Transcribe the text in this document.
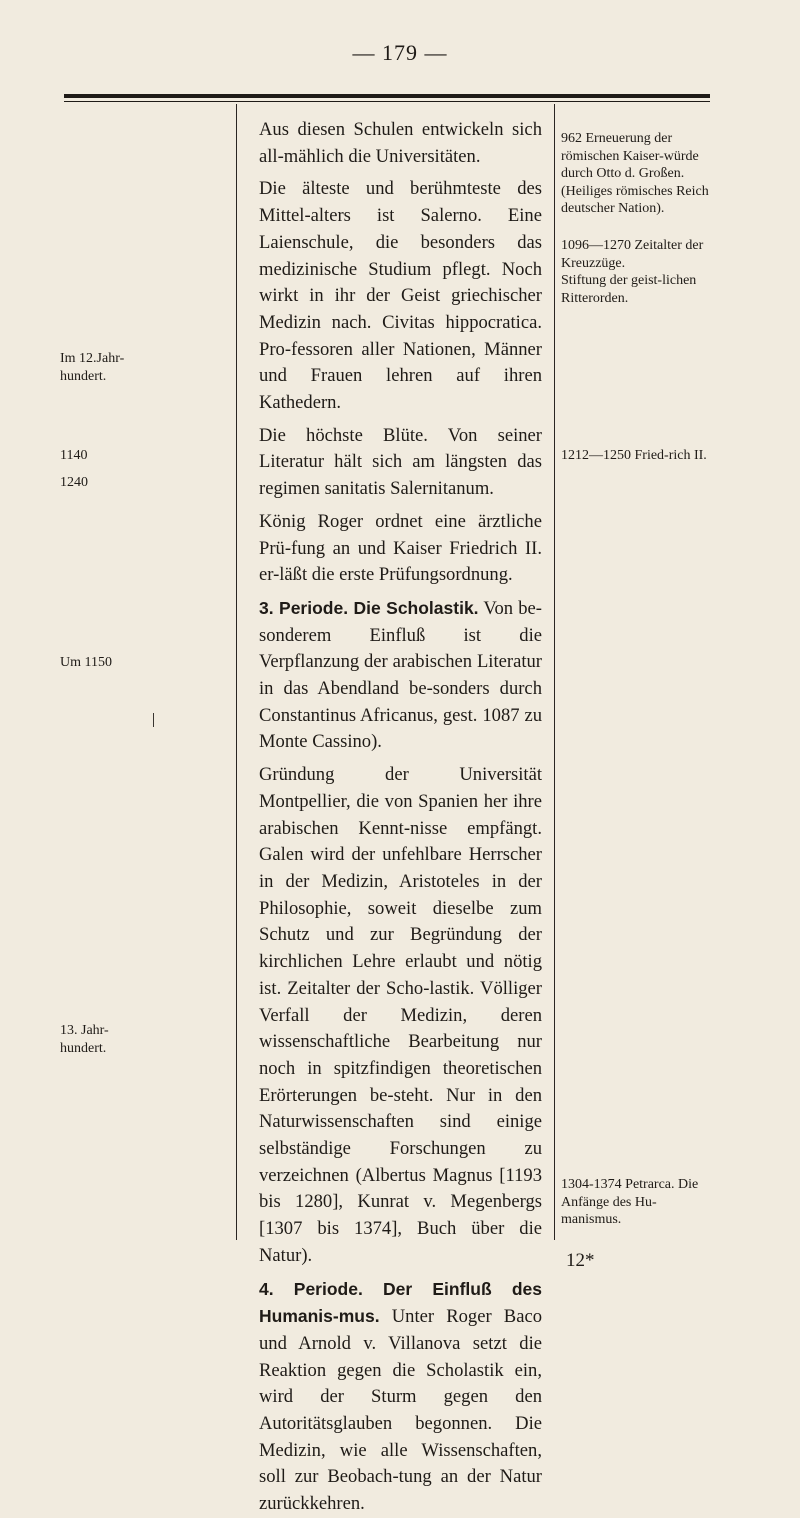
— 179 —
Im 12.Jahr-hundert.
1140
1240
Um 1150
13. Jahr-hundert.

Aus diesen Schulen entwickeln sich all-mählich die Universitäten.

Die älteste und berühmteste des Mittel-alters ist Salerno. Eine Laienschule, die besonders das medizinische Studium pflegt. Noch wirkt in ihr der Geist griechischer Medizin nach. Civitas hippocratica. Pro-fessoren aller Nationen, Männer und Frauen lehren auf ihren Kathedern.

Die höchste Blüte. Von seiner Literatur hält sich am längsten das regimen sanitatis Salernitanum.

König Roger ordnet eine ärztliche Prü-fung an und Kaiser Friedrich II. er-läßt die erste Prüfungsordnung.

3. Periode. Die Scholastik. Von be-sonderem Einfluß ist die Verpflanzung der arabischen Literatur in das Abendland be-sonders durch Constantinus Africanus, gest. 1087 zu Monte Cassino).

Gründung der Universität Montpellier, die von Spanien her ihre arabischen Kennt-nisse empfängt. Galen wird der unfehlbare Herrscher in der Medizin, Aristoteles in der Philosophie, soweit dieselbe zum Schutz und zur Begründung der kirchlichen Lehre erlaubt und nötig ist. Zeitalter der Scho-lastik. Völliger Verfall der Medizin, deren wissenschaftliche Bearbeitung nur noch in spitzfindigen theoretischen Erörterungen be-steht. Nur in den Naturwissenschaften sind einige selbständige Forschungen zu verzeichnen (Albertus Magnus [1193 bis 1280], Kunrat v. Megenbergs [1307 bis 1374], Buch über die Natur).

4. Periode. Der Einfluß des Humanis-mus. Unter Roger Baco und Arnold v. Villanova setzt die Reaktion gegen die Scholastik ein, wird der Sturm gegen den Autoritätsglauben begonnen. Die Medizin, wie alle Wissenschaften, soll zur Beobach-tung an der Natur zurückkehren.

962 Erneuerung der römischen Kaiser-würde durch Otto d. Großen. (Heiliges römisches Reich deutscher Nation).
1096—1270 Zeitalter der Kreuzzüge.
Stiftung der geist-lichen Ritterorden.
1212—1250 Fried-rich II.
1304-1374 Petrarca. Die Anfänge des Hu-manismus.
12*
